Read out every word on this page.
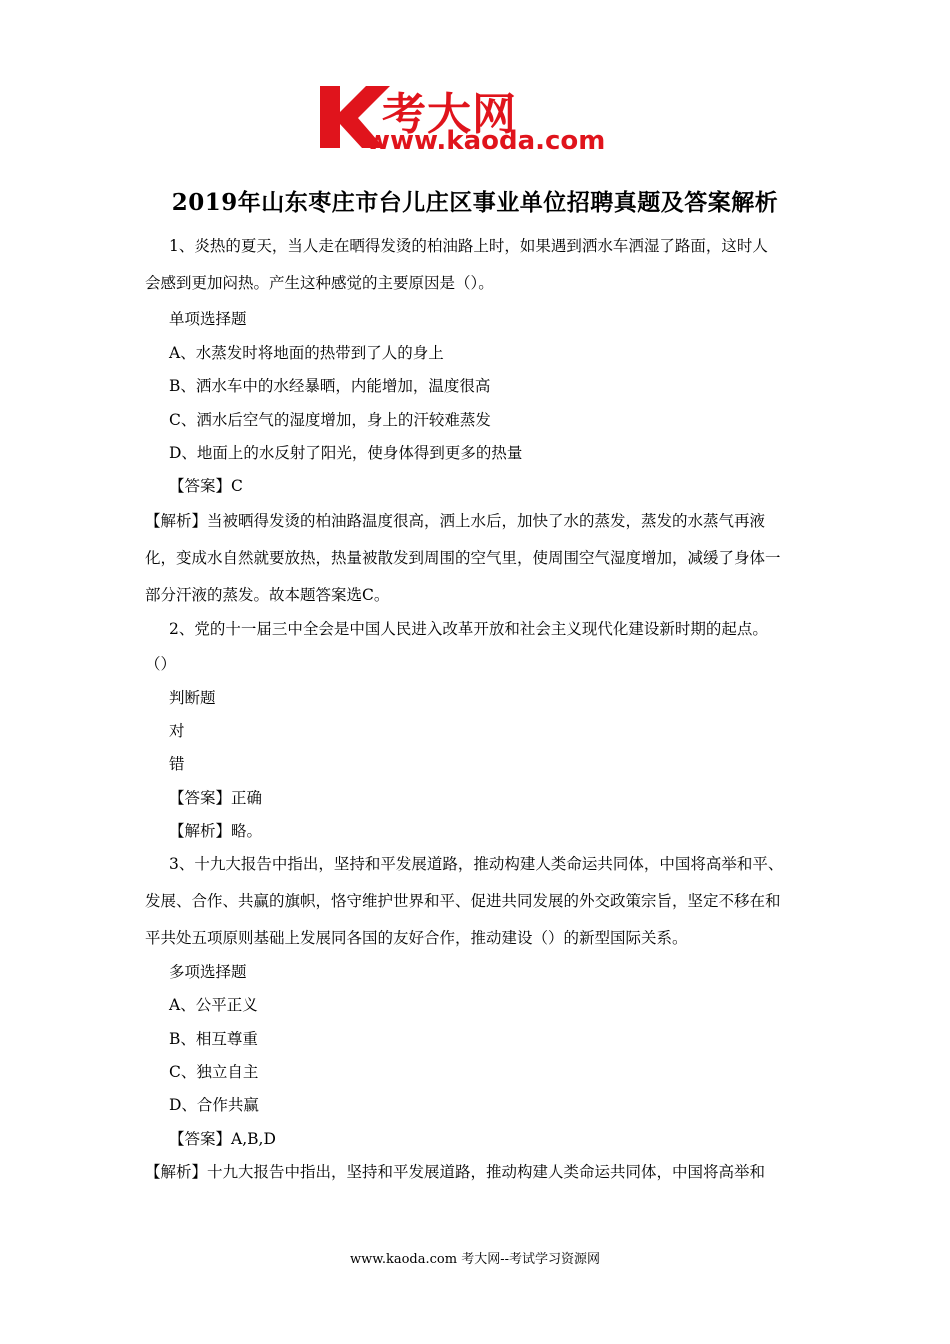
考大网
www.kaoda.com
2019年山东枣庄市台儿庄区事业单位招聘真题及答案解析
1、炎热的夏天，当人走在晒得发烫的柏油路上时，如果遇到洒水车洒湿了路面，这时人
会感到更加闷热。产生这种感觉的主要原因是（）。
单项选择题
A、水蒸发时将地面的热带到了人的身上
B、洒水车中的水经暴晒，内能增加，温度很高
C、洒水后空气的湿度增加，身上的汗较难蒸发
D、地面上的水反射了阳光，使身体得到更多的热量
【答案】C
【解析】当被晒得发烫的柏油路温度很高，洒上水后，加快了水的蒸发，蒸发的水蒸气再液
化，变成水自然就要放热，热量被散发到周围的空气里，使周围空气湿度增加，减缓了身体一
部分汗液的蒸发。故本题答案选C。
2、党的十一届三中全会是中国人民进入改革开放和社会主义现代化建设新时期的起点。
（）
判断题
对
错
【答案】正确
【解析】略。
3、十九大报告中指出，坚持和平发展道路，推动构建人类命运共同体，中国将高举和平、
发展、合作、共赢的旗帜，恪守维护世界和平、促进共同发展的外交政策宗旨，坚定不移在和
平共处五项原则基础上发展同各国的友好合作，推动建设（）的新型国际关系。
多项选择题
A、公平正义
B、相互尊重
C、独立自主
D、合作共赢
【答案】A,B,D
【解析】十九大报告中指出，坚持和平发展道路，推动构建人类命运共同体，中国将高举和
www.kaoda.com 考大网--考试学习资源网
